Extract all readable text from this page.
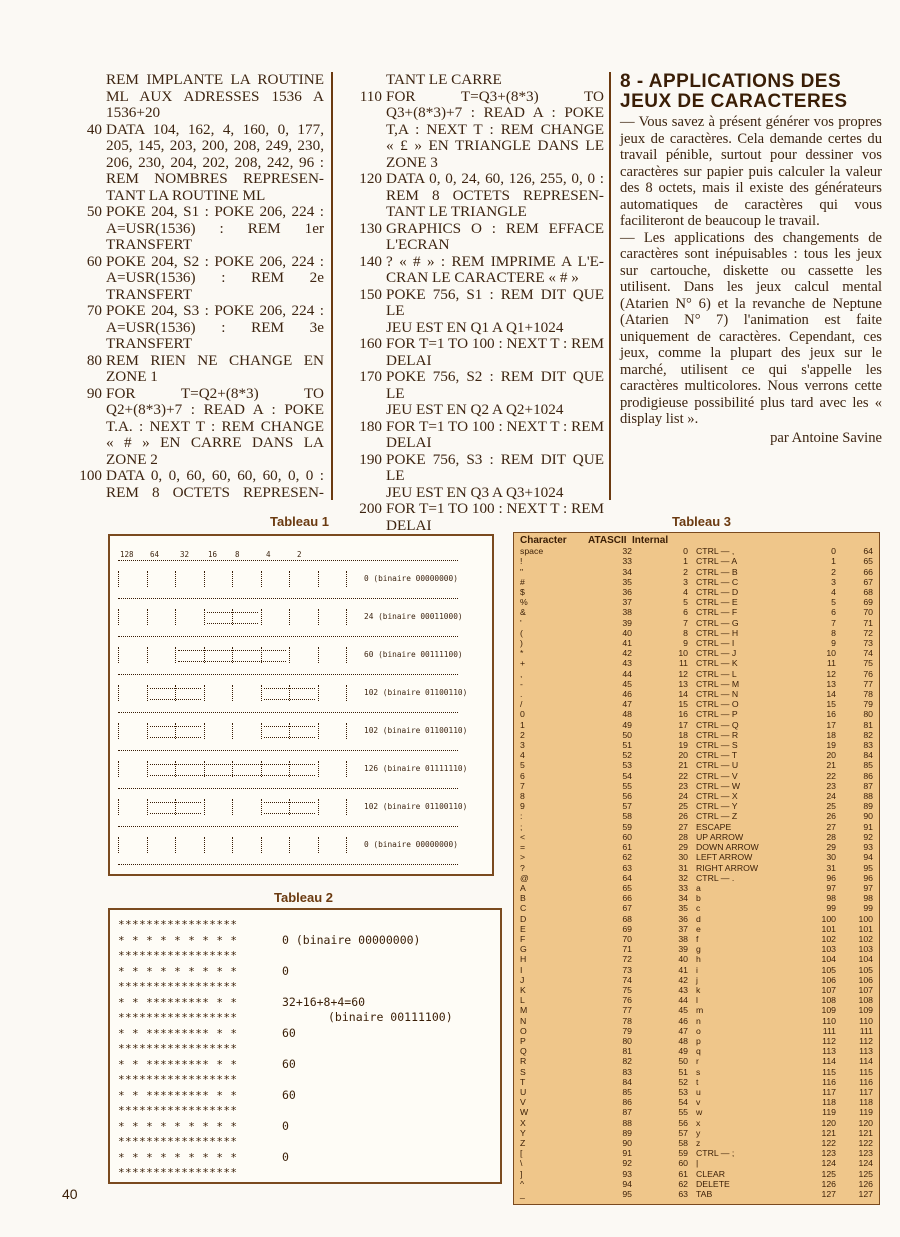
REM IMPLANTE LA ROUTINE
ML AUX ADRESSES 1536 A
1536+20
40 DATA 104, 162, 4, 160, 0, 177,
205, 145, 203, 200, 208, 249, 230,
206, 230, 204, 202, 208, 242, 96 :
REM NOMBRES REPRESEN-
TANT LA ROUTINE ML
50 POKE 204, S1 : POKE 206, 224 :
A=USR(1536) : REM 1er
TRANSFERT
60 POKE 204, S2 : POKE 206, 224 :
A=USR(1536) : REM 2e
TRANSFERT
70 POKE 204, S3 : POKE 206, 224 :
A=USR(1536) : REM 3e
TRANSFERT
80 REM RIEN NE CHANGE EN
ZONE 1
90 FOR T=Q2+(8*3) TO
Q2+(8*3)+7 : READ A : POKE
T.A. : NEXT T : REM CHANGE
« # » EN CARRE DANS LA
ZONE 2
100 DATA 0, 0, 60, 60, 60, 60, 0, 0 :
REM 8 OCTETS REPRESEN-
TANT LE CARRE
110 FOR T=Q3+(8*3) TO
Q3+(8*3)+7 : READ A : POKE
T,A : NEXT T : REM CHANGE
« £ » EN TRIANGLE DANS LE
ZONE 3
120 DATA 0, 0, 24, 60, 126, 255, 0, 0 :
REM 8 OCTETS REPRESEN-
TANT LE TRIANGLE
130 GRAPHICS O : REM EFFACE
L'ECRAN
140 ? « # » : REM IMPRIME A L'E-
CRAN LE CARACTERE « # »
150 POKE 756, S1 : REM DIT QUE LE
JEU EST EN Q1 A Q1+1024
160 FOR T=1 TO 100 : NEXT T : REM
DELAI
170 POKE 756, S2 : REM DIT QUE LE
JEU EST EN Q2 A Q2+1024
180 FOR T=1 TO 100 : NEXT T : REM
DELAI
190 POKE 756, S3 : REM DIT QUE LE
JEU EST EN Q3 A Q3+1024
200 FOR T=1 TO 100 : NEXT T : REM
DELAI
8 - APPLICATIONS DES JEUX DE CARACTERES

— Vous savez à présent générer vos propres jeux de caractères. Cela demande certes du travail pénible, surtout pour dessiner vos caractères sur papier puis calculer la valeur des 8 octets, mais il existe des générateurs automatiques de caractères qui vous faciliteront de beaucoup le travail.

— Les applications des changements de caractères sont inépuisables : tous les jeux sur cartouche, diskette ou cassette les utilisent. Dans les jeux calcul mental (Atarien N° 6) et la revanche de Neptune (Atarien N° 7) l'animation est faite uniquement de caractères. Cependant, ces jeux, comme la plupart des jeux sur le marché, utilisent ce qui s'appelle les caractères multicolores. Nous verrons cette prodigieuse possibilité plus tard avec les « display list ».

par Antoine Savine
Tableau 1
128 64	32	16 8	4	2
0 (binaire 00000000)
24 (binaire 00011000)
60 (binaire 00111100)
102 (binaire 01100110)
102 (binaire 01100110)
126 (binaire 01111110)
102 (binaire 01100110)
0 (binaire 00000000)
Tableau 2
*****************
* * * * * * * * *
*****************
* * * * * * * * *
*****************
* * ********* * *
*****************
* * ********* * *
*****************
* * ********* * *
*****************
* * ********* * *
*****************
* * * * * * * * *
*****************
* * * * * * * * *
*****************
0 (binaire 00000000)
0
32+16+8+4=60
(binaire 00111100)
60
60
60
0
0
Tableau 3
Character	ATASCII	Internal			
space	32	0	CTRL — ,	0	64
!	33	1	CTRL — A	1	65
"	34	2	CTRL — B	2	66
#	35	3	CTRL — C	3	67
$	36	4	CTRL — D	4	68
%	37	5	CTRL — E	5	69
&	38	6	CTRL — F	6	70
'	39	7	CTRL — G	7	71
(	40	8	CTRL — H	8	72
)	41	9	CTRL — I	9	73
*	42	10	CTRL — J	10	74
+	43	11	CTRL — K	11	75
,	44	12	CTRL — L	12	76
-	45	13	CTRL — M	13	77
.	46	14	CTRL — N	14	78
/	47	15	CTRL — O	15	79
0	48	16	CTRL — P	16	80
1	49	17	CTRL — Q	17	81
2	50	18	CTRL — R	18	82
3	51	19	CTRL — S	19	83
4	52	20	CTRL — T	20	84
5	53	21	CTRL — U	21	85
6	54	22	CTRL — V	22	86
7	55	23	CTRL — W	23	87
8	56	24	CTRL — X	24	88
9	57	25	CTRL — Y	25	89
:	58	26	CTRL — Z	26	90
;	59	27	ESCAPE	27	91
<	60	28	UP ARROW	28	92
=	61	29	DOWN ARROW	29	93
>	62	30	LEFT ARROW	30	94
?	63	31	RIGHT ARROW	31	95
@	64	32	CTRL — .	96	96
A	65	33	a	97	97
B	66	34	b	98	98
C	67	35	c	99	99
D	68	36	d	100	100
E	69	37	e	101	101
F	70	38	f	102	102
G	71	39	g	103	103
H	72	40	h	104	104
I	73	41	i	105	105
J	74	42	j	106	106
K	75	43	k	107	107
L	76	44	l	108	108
M	77	45	m	109	109
N	78	46	n	110	110
O	79	47	o	111	111
P	80	48	p	112	112
Q	81	49	q	113	113
R	82	50	r	114	114
S	83	51	s	115	115
T	84	52	t	116	116
U	85	53	u	117	117
V	86	54	v	118	118
W	87	55	w	119	119
X	88	56	x	120	120
Y	89	57	y	121	121
Z	90	58	z	122	122
[	91	59	CTRL — ;	123	123
\	92	60	|	124	124
]	93	61	CLEAR	125	125
^	94	62	DELETE	126	126
_	95	63	TAB	127	127
40
